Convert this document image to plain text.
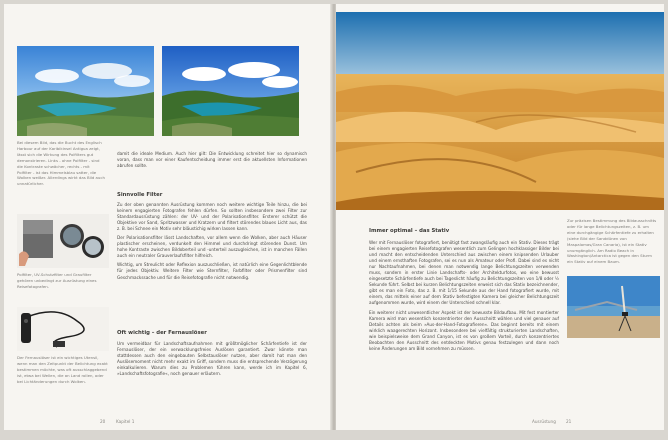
Bei diesem Bild, das die Bucht des Englisch Harbour auf der Karibikinsel Antigua zeigt, lässt sich die Wirkung des Polfilters gut demonstrieren. Links - ohne Polfilter - sind die Kontraste schwächer, rechts - mit Polfilter - ist das Himmelsblau satter, die Wolken weißer. Allerdings wirkt das Bild auch unnatürlicher.
damit die ideale Medium. Auch hier gilt: Die Entwicklung schreitet hier so dynamisch voran, dass man vor einer Kaufentscheidung immer erst die aktuellsten Informationen abrufen sollte.
Sinnvolle Filter

Zu der oben genannten Ausrüstung kommen noch weitere wichtige Teile hinzu, die bei keinem engagierten Fotografen fehlen dürfen. So sollten insbesondere zwei Filter zur Standardausrüstung zählen: der UV- und der Polarisationsfilter. Ersterer schützt die Objektive vor Sand, Spritzwasser und Kratzern und filtert störendes blaues Licht aus, das z. B. bei Schnee ein Motiv sehr bläustichig wirken lassen kann.

Der Polarisationsfilter lässt Landschaften, vor allem wenn die Wolken, aber auch Häuser plastischer erscheinen, verdunkelt den Himmel und durchdringt störenden Dunst. Um hohe Kontraste zwischen Bildoberteil und -unterteil auszugleichen, ist in manchen Fällen auch ein neutraler Grauverlaufsfilter hilfreich.

Wichtig, um Streulicht oder Reflexion auszuschließen, ist natürlich eine Gegenlichtblende für jedes Objektiv. Weitere Filter wie Sternfilter, Farbfilter oder Prismenfilter sind Geschmackssache und für die Reisefotografie nicht notwendig.

Polfilter, UV-Schutzfilter und Graufilter gehören unbedingt zur Ausrüstung eines Reisefotografen.
Oft wichtig – der Fernauslöser
Um vermeidbar für Landschaftsaufnahmen mit größtmöglicher Schärfentiefe ist der Fernauslöser, der ein verwacklungsfreies Auslösen garantiert. Zwar könnte man stattdessen auch den eingebauten Selbstauslöser nutzen, aber damit hat man den Auslösemoment nicht mehr exakt im Griff, sondern muss die entsprechende Verzögerung einkalkulieren. Warum dies zu Problemen führen kann, werde ich im Kapitel 6, »Landschaftsfotografie«, noch genauer erläutern.
Der Fernauslöser ist ein wichtiges Utensil, wenn man den Zeitpunkt der Belichtung exakt bestimmen möchte, was oft ausschlaggebend ist, etwa bei Wellen, die an Land rollen, oder bei Lichtänderungen durch Wolken.
20	Kapitel 1
Immer optimal – das Stativ

Wer mit Fernauslöser fotografiert, benötigt fast zwangsläufig auch ein Stativ. Dieses trägt bei einem engagierten Reisefotografen wesentlich zum Gelingen hochklassiger Bilder bei und macht den entscheidenden Unterschied aus zwischen einem knipsenden Urlauber und einem ernsthaften Fotografen, sei es nun als Amateur oder Profi. Dabei sind es nicht nur Nachtaufnahmen, bei denen man notwendig lange Belichtungszeiten verwenden muss, sondern in erster Linie Landschafts- oder Architekturfotos, wo eine bewusst eingesetzte Schärfentiefe auch bei Tageslicht häufig zu Belichtungszeiten von 1/8 oder ½ Sekunde führt. Selbst bei kurzen Belichtungszeiten erweist sich das Stativ bezeichnender, gibt es man ein Foto, das z. B. mit 1/15 Sekunde aus der Hand fotografiert wurde, mit einem, das mittels einer auf dem Stativ befestigten Kamera bei gleicher Belichtungszeit aufgenommen wurde, wird einem der Unterschied schnell klar.

Ein weiterer nicht unwesentlicher Aspekt ist der bewusste Bildaufbau. Mit fest montierter Kamera wird man wesentlich konzentrierter den Ausschnitt wählen und viel genauer auf Details achten als beim »Aus-der-Hand-Fotografieren«. Das beginnt bereits mit einem wirklich waagerechten Horizont. Insbesondere bei vielfältig strukturierten Landschaften, wie beispielsweise dem Grand Canyon, ist es von großem Vorteil, durch konzentriertes Beobachten den Ausschnitt des entdeckten Motivs genau festzulegen und dann noch keine Änderungen am Bild vornehmen zu müssen.

Zur präzisen Bestimmung des Bildausschnitts oder für lange Belichtungszeiten, z. B. um eine durchgängige Schärfentiefe zu erhalten (siehe Bild der Sanddünen von Maspalomas/Gran Canaria), ist ein Stativ unumgänglich. Am Radio Beach in Washington/Antarctica ist gegen den Sturm ein Stativ auf einem Baum.
Ausrüstung 21
